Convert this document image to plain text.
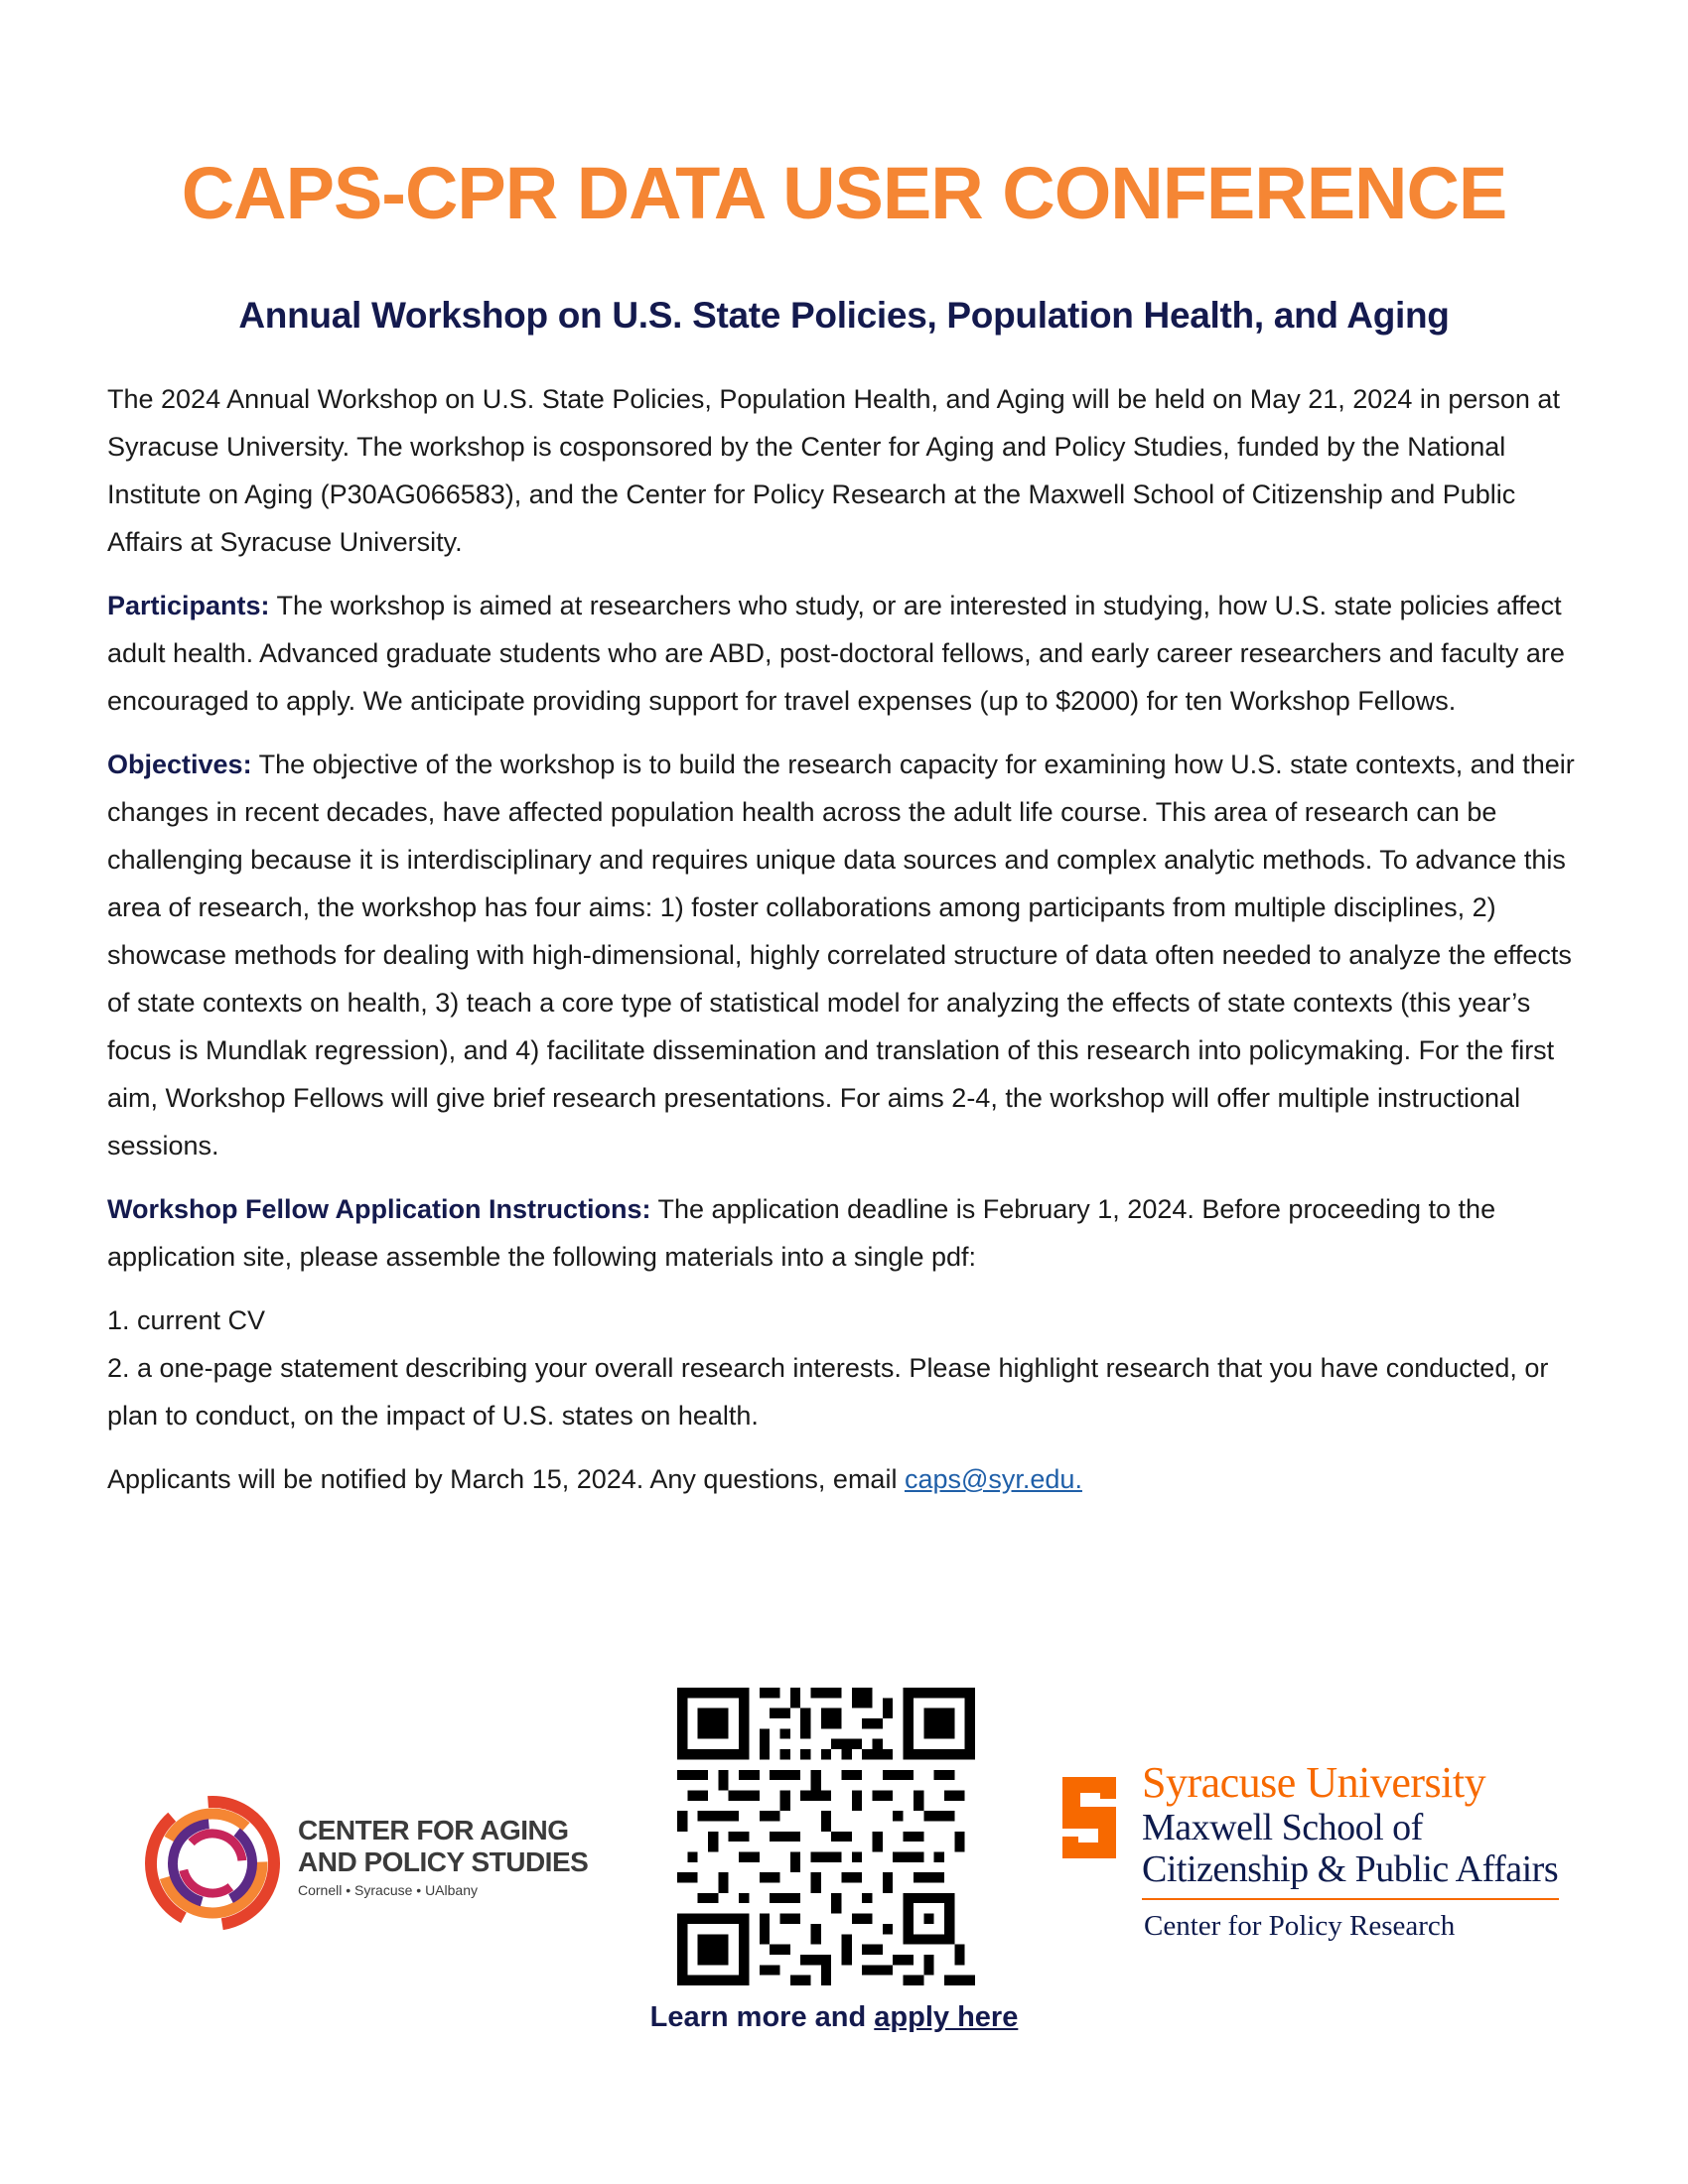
CAPS-CPR DATA USER CONFERENCE
Annual Workshop on U.S. State Policies, Population Health, and Aging

The 2024 Annual Workshop on U.S. State Policies, Population Health, and Aging will be held on May 21, 2024 in person at Syracuse University. The workshop is cosponsored by the Center for Aging and Policy Studies, funded by the National Institute on Aging (P30AG066583), and the Center for Policy Research at the Maxwell School of Citizenship and Public Affairs at Syracuse University.

Participants: The workshop is aimed at researchers who study, or are interested in studying, how U.S. state policies affect adult health. Advanced graduate students who are ABD, post-doctoral fellows, and early career researchers and faculty are encouraged to apply. We anticipate providing support for travel expenses (up to $2000) for ten Workshop Fellows.

Objectives: The objective of the workshop is to build the research capacity for examining how U.S. state contexts, and their changes in recent decades, have affected population health across the adult life course. This area of research can be challenging because it is interdisciplinary and requires unique data sources and complex analytic methods. To advance this area of research, the workshop has four aims: 1) foster collaborations among participants from multiple disciplines, 2) showcase methods for dealing with high-dimensional, highly correlated structure of data often needed to analyze the effects of state contexts on health, 3) teach a core type of statistical model for analyzing the effects of state contexts (this year’s focus is Mundlak regression), and 4) facilitate dissemination and translation of this research into policymaking. For the first aim, Workshop Fellows will give brief research presentations. For aims 2-4, the workshop will offer multiple instructional sessions.

Workshop Fellow Application Instructions: The application deadline is February 1, 2024. Before proceeding to the application site, please assemble the following materials into a single pdf:

1. current CV

2. a one-page statement describing your overall research interests. Please highlight research that you have conducted, or plan to conduct, on the impact of U.S. states on health.

Applicants will be notified by March 15, 2024. Any questions, email caps@syr.edu.

CENTER FOR AGING
AND POLICY STUDIES
Cornell • Syracuse • UAlbany
Learn more and apply here
Syracuse University
Maxwell School of
Citizenship & Public Affairs
Center for Policy Research
